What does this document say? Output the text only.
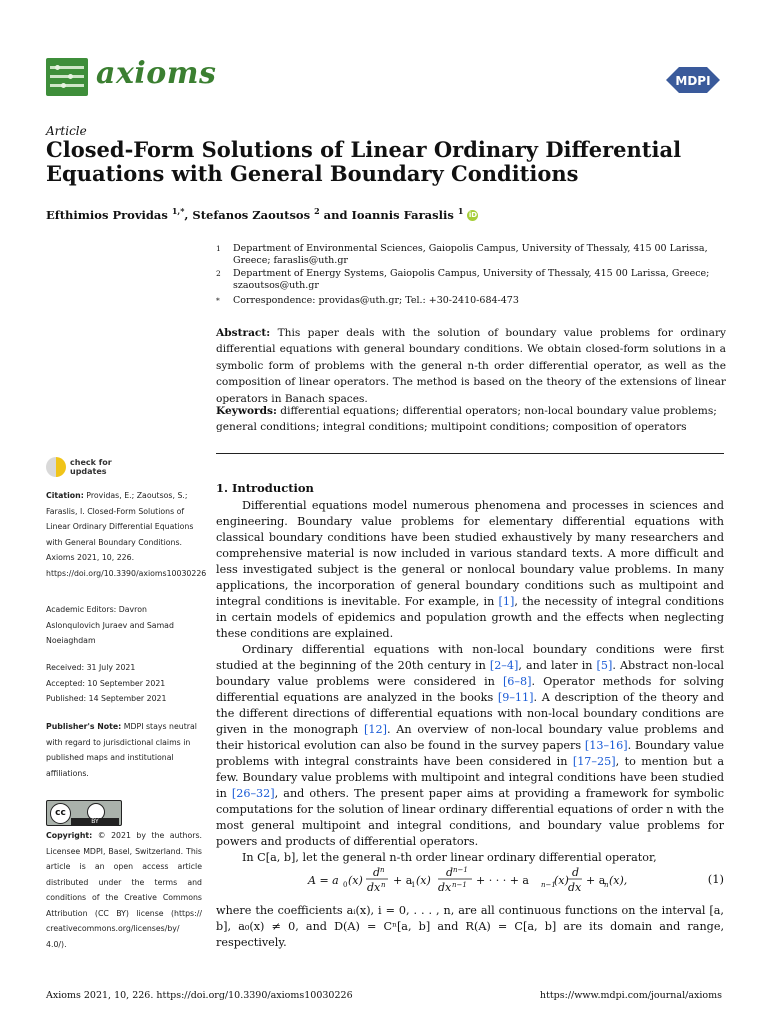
axioms	MDPI
Article
Closed-Form Solutions of Linear Ordinary Differential Equations with General Boundary Conditions
Efthimios Providas $^{1,*}$, Stefanos Zaoutsos $^2$ and Ioannis Faraslis $^1$ iD
1 Department of Environmental Sciences, Gaiopolis Campus, University of Thessaly, 415 00 Larissa, Greece; faraslis@uth.gr
2 Department of Energy Systems, Gaiopolis Campus, University of Thessaly, 415 00 Larissa, Greece; szaoutsos@uth.gr
* Correspondence: providas@uth.gr; Tel.: +30-2410-684-473
Abstract: This paper deals with the solution of boundary value problems for ordinary differential equations with general boundary conditions. We obtain closed-form solutions in a symbolic form of problems with the general n-th order differential operator, as well as the composition of linear operators. The method is based on the theory of the extensions of linear operators in Banach spaces.
Keywords: differential equations; differential operators; non-local boundary value problems; general conditions; integral conditions; multipoint conditions; composition of operators
check for updates
Citation: Providas, E.; Zaoutsos, S.; Faraslis, I. Closed-Form Solutions of Linear Ordinary Differential Equations with General Boundary Conditions. Axioms 2021, 10, 226. https://doi.org/10.3390/axioms10030226
Academic Editors: Davron Aslonqulovich Juraev and Samad Noeiaghdam
Received: 31 July 2021
Accepted: 10 September 2021
Published: 14 September 2021
Publisher's Note: MDPI stays neutral with regard to jurisdictional claims in published maps and institutional affiliations.
cc
BY
Copyright: © 2021 by the authors. Licensee MDPI, Basel, Switzerland. This article is an open access article distributed under the terms and conditions of the Creative Commons Attribution (CC BY) license (https:// creativecommons.org/licenses/by/ 4.0/).
1. Introduction

Differential equations model numerous phenomena and processes in sciences and engineering. Boundary value problems for elementary differential equations with classical boundary conditions have been studied exhaustively by many researchers and comprehensive material is now included in various standard texts. A more difficult and less investigated subject is the general or nonlocal boundary value problems. In many applications, the incorporation of general boundary conditions such as multipoint and integral conditions is inevitable. For example, in [1], the necessity of integral conditions in certain models of epidemics and population growth and the effects when neglecting these conditions are explained.

Ordinary differential equations with non-local boundary conditions were first studied at the beginning of the 20th century in [2–4], and later in [5]. Abstract non-local boundary value problems were considered in [6–8]. Operator methods for solving differential equations are analyzed in the books [9–11]. A description of the theory and the different directions of differential equations with non-local boundary conditions are given in the monograph [12]. An overview of non-local boundary value problems and their historical evolution can also be found in the survey papers [13–16]. Boundary value problems with integral constraints have been considered in [17–25], to mention but a few. Boundary value problems with multipoint and integral conditions have been studied in [26–32], and others. The present paper aims at providing a framework for symbolic computations for the solution of linear ordinary differential equations of order n with the most general multipoint and integral conditions, and boundary value problems for powers and products of differential operators.

In C[a, b], let the general n-th order linear ordinary differential operator,

A = a 0 (x)
d n
dx n + a
1 (x)
d n−1
dx n−1 + · · · + a n−1
(x)
d
dx
+ a
n (x),	(1)
where the coefficients aᵢ(x), i = 0, . . . , n, are all continuous functions on the interval [a, b], a₀(x) ≠ 0, and D(A) = Cⁿ[a, b] and R(A) = C[a, b] are its domain and range, respectively.
Axioms 2021, 10, 226. https://doi.org/10.3390/axioms10030226	https://www.mdpi.com/journal/axioms
